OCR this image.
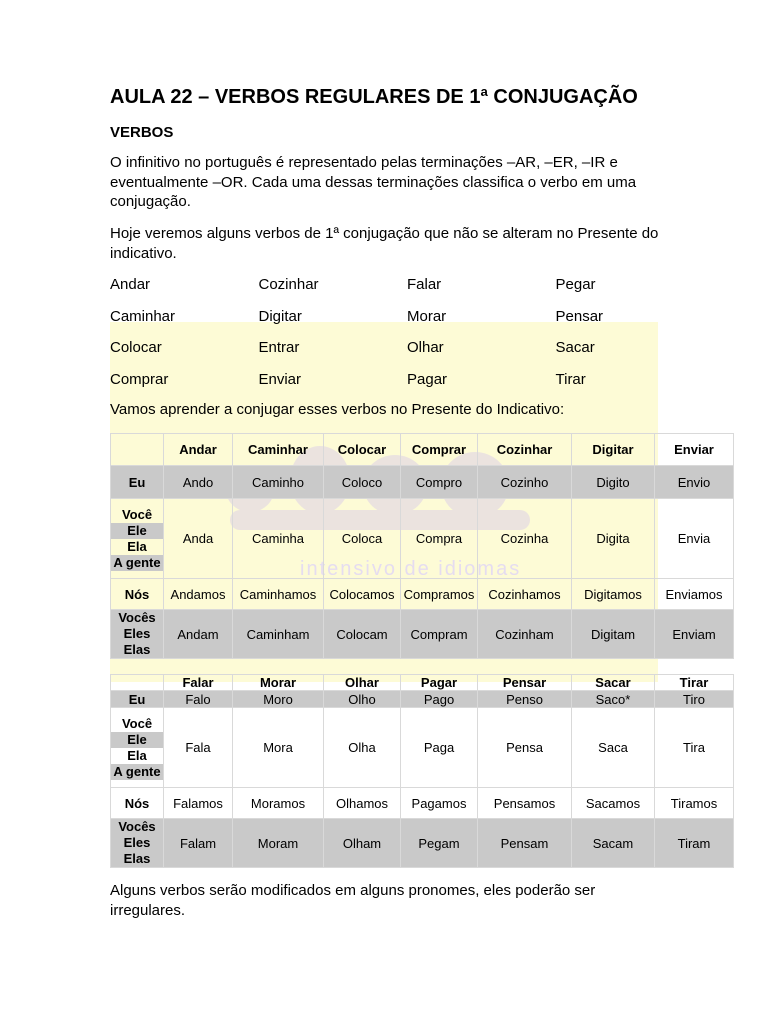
intensivo de idiomas
AULA 22 – VERBOS REGULARES DE 1ª CONJUGAÇÃO

VERBOS

O infinitivo no português é representado pelas terminações –AR, –ER, –IR e eventualmente –OR. Cada uma dessas terminações classifica o verbo em uma conjugação.

Hoje veremos alguns verbos de 1ª conjugação que não se alteram no Presente do indicativo.

Andar	Cozinhar	Falar	Pegar
Caminhar	Digitar	Morar	Pensar
Colocar	Entrar	Olhar	Sacar
Comprar	Enviar	Pagar	Tirar

Vamos aprender a conjugar esses verbos no Presente do Indicativo:

	Andar	Caminhar	Colocar	Comprar	Cozinhar	Digitar	Enviar
Eu	Ando	Caminho	Coloco	Compro	Cozinho	Digito	Envio

Você
Ele
Ela
A gente	Anda	Caminha	Coloca	Compra	Cozinha	Digita	Envia
Nós	Andamos	Caminhamos	Colocamos	Compramos	Cozinhamos	Digitamos	Enviamos

Vocês
Eles
Elas	Andam	Caminham	Colocam	Compram	Cozinham	Digitam	Enviam
	Falar	Morar	Olhar	Pagar	Pensar	Sacar	Tirar
Eu	Falo	Moro	Olho	Pago	Penso	Saco*	Tiro

Você
Ele
Ela
A gente	Fala	Mora	Olha	Paga	Pensa	Saca	Tira
Nós	Falamos	Moramos	Olhamos	Pagamos	Pensamos	Sacamos	Tiramos

Vocês
Eles
Elas	Falam	Moram	Olham	Pegam	Pensam	Sacam	Tiram

Alguns verbos serão modificados em alguns pronomes, eles poderão ser irregulares.
